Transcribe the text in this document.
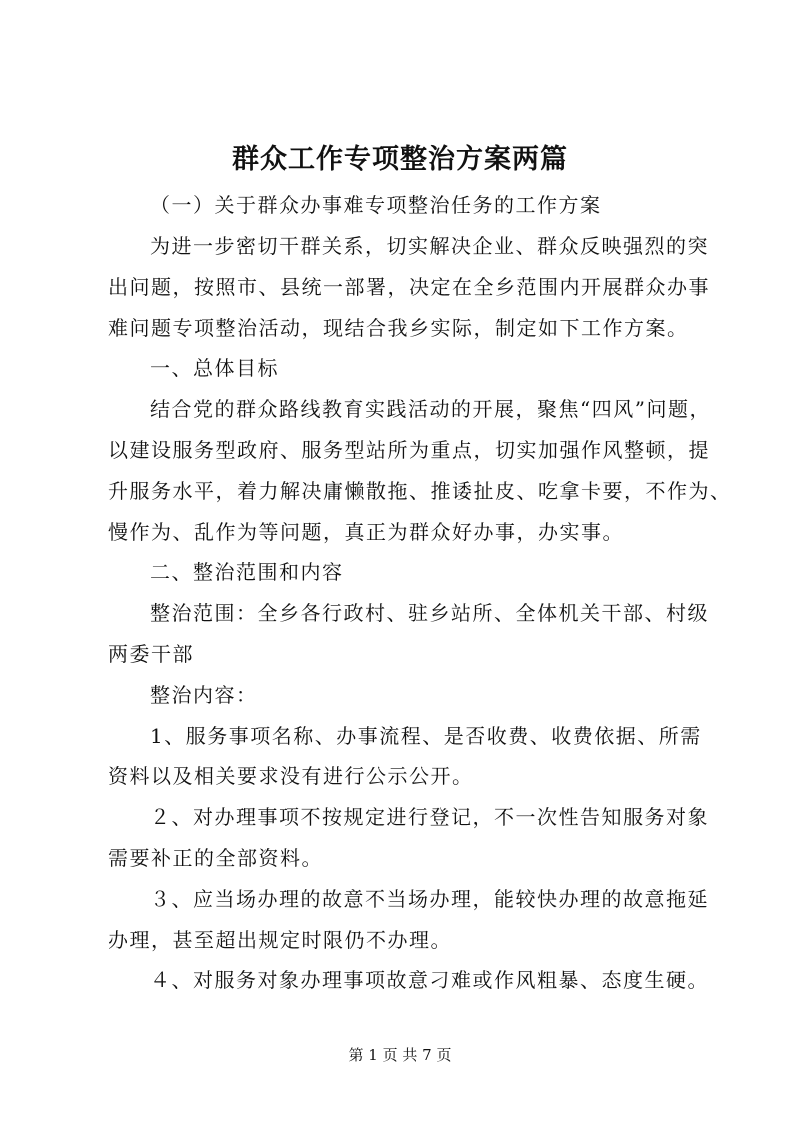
群众工作专项整治方案两篇
（一）关于群众办事难专项整治任务的工作方案
为进一步密切干群关系，切实解决企业、群众反映强烈的突
出问题，按照市、县统一部署，决定在全乡范围内开展群众办事
难问题专项整治活动，现结合我乡实际，制定如下工作方案。
一、总体目标
结合党的群众路线教育实践活动的开展，聚焦“四风”问题，
以建设服务型政府、服务型站所为重点，切实加强作风整顿，提
升服务水平，着力解决庸懒散拖、推诿扯皮、吃拿卡要，不作为、
慢作为、乱作为等问题，真正为群众好办事，办实事。
二、整治范围和内容
整治范围：全乡各行政村、驻乡站所、全体机关干部、村级
两委干部
整治内容：
1、服务事项名称、办事流程、是否收费、收费依据、所需
资料以及相关要求没有进行公示公开。
２、对办理事项不按规定进行登记，不一次性告知服务对象
需要补正的全部资料。
３、应当场办理的故意不当场办理，能较快办理的故意拖延
办理，甚至超出规定时限仍不办理。
４、对服务对象办理事项故意刁难或作风粗暴、态度生硬。
第 1 页 共 7 页
